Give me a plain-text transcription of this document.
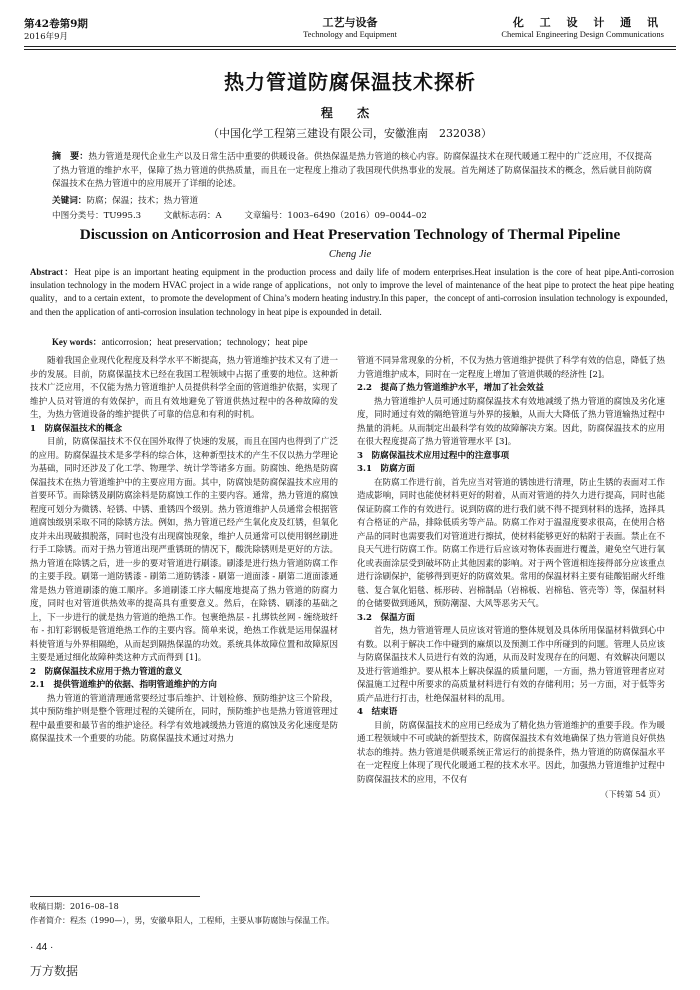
第42卷第9期
2016年9月
工艺与设备
Technology and Equipment
化 工 设 计 通 讯
Chemical Engineering Design Communications
热力管道防腐保温技术探析
程 杰
（中国化学工程第三建设有限公司，安徽淮南　232038）
摘　要：热力管道是现代企业生产以及日常生活中重要的供暖设备。供热保温是热力管道的核心内容。防腐保温技术在现代暖通工程中的广泛应用，不仅提高了热力管道的维护水平，保障了热力管道的供热质量，而且在一定程度上推动了我国现代供热事业的发展。首先阐述了防腐保温技术的概念，然后就目前防腐保温技术在热力管道中的应用展开了详细的论述。
关键词：防腐；保温；技术；热力管道
中图分类号：TU995.3	文献标志码：A	文章编号：1003–6490（2016）09–0044–02
Discussion on Anticorrosion and Heat Preservation Technology of Thermal Pipeline
Cheng Jie
Abstract：Heat pipe is an important heating equipment in the production process and daily life of modern enterprises.Heat insulation is the core of heat pipe.Anti-corrosion insulation technology in the modern HVAC project in a wide range of applications，not only to improve the level of maintenance of the heat pipe to protect the heat pipe heating quality，and to a certain extent，to promote the development of China’s modern heating industry.In this paper，the concept of anti-corrosion insulation technology is expounded，and then the application of anti-corrosion insulation technology in heat pipe is expounded in detail.
Key words：anticorrosion；heat preservation；technology；heat pipe

随着我国企业现代化程度及科学水平不断提高，热力管道维护技术又有了进一步的发展。目前，防腐保温技术已经在我国工程领域中占据了重要的地位。这种新技术广泛应用，不仅能为热力管道维护人员提供科学全面的管道维护依据，实现了维护人员对管道的有效保护，而且有效地避免了管道供热过程中的各种故障的发生，为热力管道设备的维护提供了可靠的信息和有利的时机。

1　防腐保温技术的概念

目前，防腐保温技术不仅在国外取得了快速的发展，而且在国内也得到了广泛的应用。防腐保温技术是多学科的综合体，这种新型技术的产生不仅以热力学理论为基础，同时还涉及了化工学、物理学、统计学等诸多方面。防腐蚀、绝热是防腐保温技术在热力管道维护中的主要应用方面。其中，防腐蚀是防腐保温技术应用的首要环节。而除锈及刷防腐涂料是防腐蚀工作的主要内容。通常，热力管道的腐蚀程度可划分为微锈、轻锈、中锈、重锈四个级别。热力管道维护人员通常会根据管道腐蚀级别采取不同的除锈方法。例如，热力管道已经产生氧化皮及红锈，但氧化皮并未出现破损脱落，同时也没有出现腐蚀现象，维护人员通常可以使用钢丝刷进行手工除锈。而对于热力管道出现严重锈斑的情况下，酸洗除锈则是更好的方法。热力管道在除锈之后，进一步的要对管道进行刷漆。刷漆是进行热力管道防腐工作的主要手段。刷第一道防锈漆 - 刷第二道防锈漆 - 刷第一道面漆 - 刷第二道面漆通常是热力管道刷漆的施工顺序。多道刷漆工序大幅度地提高了热力管道的防腐力度，同时也对管道供热效率的提高具有重要意义。然后，在除锈、刷漆的基础之上，下一步进行的就是热力管道的绝热工作。包裹绝热层 - 扎绑铁丝网 - 缠绕玻纤布 - 扣钉彩钢板是管道绝热工作的主要内容。简单来说，绝热工作就是运用保温材料使管道与外界相隔绝，从而起到隔热保温的功效。系统具体故障位置和故障原因主要是通过细化故障种类这种方式而得到 [1]。

2　防腐保温技术应用于热力管道的意义
2.1　提供管道维护的依据、指明管道维护的方向

热力管道的管道清理通常要经过事后维护、计划检修、预防维护这三个阶段，其中预防维护则是整个管理过程的关键所在，同时，预防维护也是热力管道管理过程中最重要和最节省的维护途径。科学有效地减缓热力管道的腐蚀及劣化速度是防腐保温技术一个重要的功能。防腐保温技术通过对热力

管道不同异常现象的分析，不仅为热力管道维护提供了科学有效的信息，降低了热力管道维护成本，同时在一定程度上增加了管道供暖的经济性 [2]。

2.2　提高了热力管道维护水平，增加了社会效益

热力管道维护人员可通过防腐保温技术有效地减缓了热力管道的腐蚀及劣化速度，同时通过有效的隔绝管道与外界的接触，从而大大降低了热力管道输热过程中热量的消耗。从而制定出最科学有效的故障解决方案。因此，防腐保温技术的应用在很大程度提高了热力管道管理水平 [3]。

3　防腐保温技术应用过程中的注意事项
3.1　防腐方面

在防腐工作进行前，首先应当对管道的锈蚀进行清理，防止生锈的表面对工作造成影响，同时也能使材料更好的附着，从而对管道的持久力进行提高，同时也能保证防腐工作的有效进行。说到防腐的进行我们就不得不提到材料的选择，选择具有合格证的产品，排除低质劣等产品。防腐工作对于温湿度要求很高，在使用合格产品的同时也需要我们对管道进行擦拭，使材料能够更好的粘附于表面。禁止在不良天气进行防腐工作。防腐工作进行后应该对物体表面进行覆盖，避免空气进行氧化或表面涂层受到破坏防止其他因素的影响。对于两个管道相连接得部分应该重点进行涂刷保护，能够得到更好的防腐效果。常用的保温材料主要有硅酸铝耐火纤维毯、复合氧化铝毯、栎形砖、岩棉制品（岩棉板、岩棉毡、管壳等）等，保温材料的仓储要做到通风，预防潮湿、大风等恶劣天气。

3.2　保温方面

首先，热力管道管理人员应该对管道的整体规划及具体所用保温材料做到心中有数。以利于解决工作中碰到的麻烦以及预测工作中所碰到的问题。管理人员应该与防腐保温技术人员进行有效的沟通，从而及时发现存在的问题、有效解决问题以及进行管道维护。要从根本上解决保温的质量问题，一方面，热力管道管理者应对保温施工过程中所要求的高质量材料进行有效的存储利用；另一方面，对于低等劣质产品进行打击，杜绝保温材料的乱用。

4　结束语

目前，防腐保温技术的应用已经成为了精化热力管道维护的重要手段。作为暖通工程领域中不可或缺的新型技术，防腐保温技术有效地确保了热力管道良好供热状态的维持。热力管道是供暖系统正常运行的前提条件，热力管道的防腐保温水平在一定程度上体现了现代化暖通工程的技术水平。因此，加强热力管道维护过程中防腐保温技术的应用，不仅有

（下转第 54 页）
收稿日期：2016–08–18
作者简介：程杰（1990—），男，安徽阜阳人，工程师，主要从事防腐蚀与保温工作。
· 44 ·
万方数据
